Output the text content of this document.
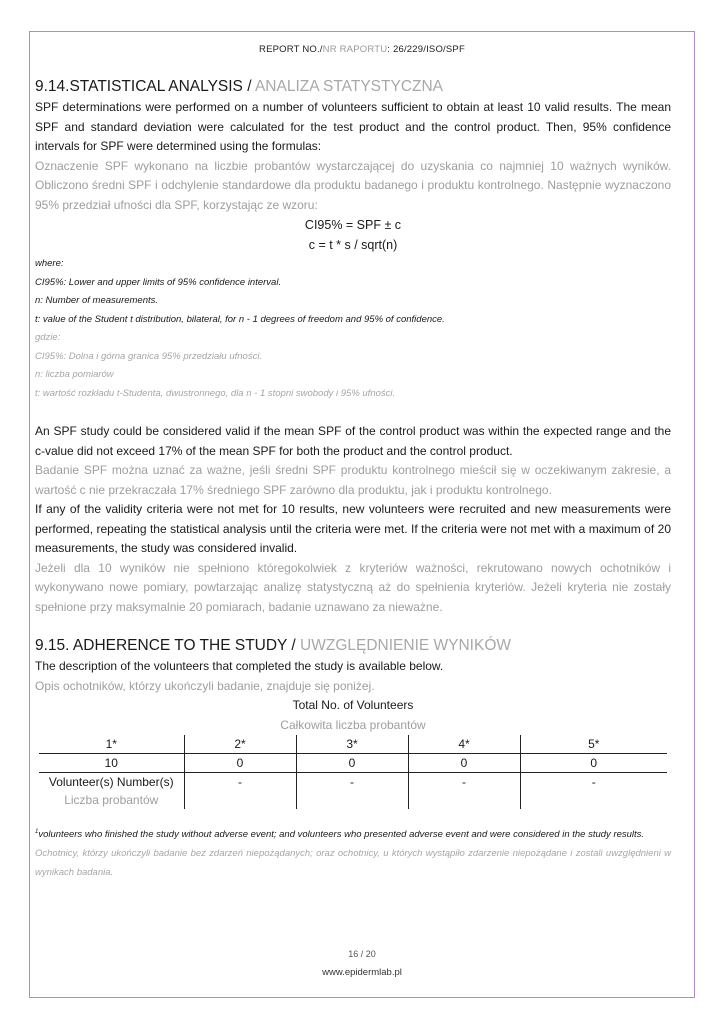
REPORT NO./NR RAPORTU: 26/229/ISO/SPF
9.14.STATISTICAL ANALYSIS / ANALIZA STATYSTYCZNA

SPF determinations were performed on a number of volunteers sufficient to obtain at least 10 valid results. The mean SPF and standard deviation were calculated for the test product and the control product. Then, 95% confidence intervals for SPF were determined using the formulas:

Oznaczenie SPF wykonano na liczbie probantów wystarczającej do uzyskania co najmniej 10 ważnych wyników. Obliczono średni SPF i odchylenie standardowe dla produktu badanego i produktu kontrolnego. Następnie wyznaczono 95% przedział ufności dla SPF, korzystając ze wzoru:

CI95% = SPF ± c
c = t * s / sqrt(n)

where:

CI95%: Lower and upper limits of 95% confidence interval.

n: Number of measurements.

t: value of the Student t distribution, bilateral, for n - 1 degrees of freedom and 95% of confidence.

gdzie:

CI95%: Dolna i górna granica 95% przedziału ufności.

n: liczba pomiarów

t: wartość rozkładu t-Studenta, dwustronnego, dla n - 1 stopni swobody i 95% ufności.

An SPF study could be considered valid if the mean SPF of the control product was within the expected range and the c-value did not exceed 17% of the mean SPF for both the product and the control product.

Badanie SPF można uznać za ważne, jeśli średni SPF produktu kontrolnego mieścił się w oczekiwanym zakresie, a wartość c nie przekraczała 17% średniego SPF zarówno dla produktu, jak i produktu kontrolnego.

If any of the validity criteria were not met for 10 results, new volunteers were recruited and new measurements were performed, repeating the statistical analysis until the criteria were met. If the criteria were not met with a maximum of 20 measurements, the study was considered invalid.

Jeżeli dla 10 wyników nie spełniono któregokolwiek z kryteriów ważności, rekrutowano nowych ochotników i wykonywano nowe pomiary, powtarzając analizę statystyczną aż do spełnienia kryteriów. Jeżeli kryteria nie zostały spełnione przy maksymalnie 20 pomiarach, badanie uznawano za nieważne.

9.15. ADHERENCE TO THE STUDY / UWZGLĘDNIENIE WYNIKÓW

The description of the volunteers that completed the study is available below.

Opis ochotników, którzy ukończyli badanie, znajduje się poniżej.

Total No. of Volunteers
Całkowita liczba probantów
1*	2*	3*	4*	5*
10	0	0	0	0
Volunteer(s) Number(s)	-	-	-	-
Liczba probantów				

$^1$volunteers who finished the study without adverse event; and volunteers who presented adverse event and were considered in the study results.

Ochotnicy, którzy ukończyli badanie bez zdarzeń niepożądanych; oraz ochotnicy, u których wystąpiło zdarzenie niepożądane i zostali uwzględnieni w wynikach badania.

16 / 20
www.epidermlab.pl
